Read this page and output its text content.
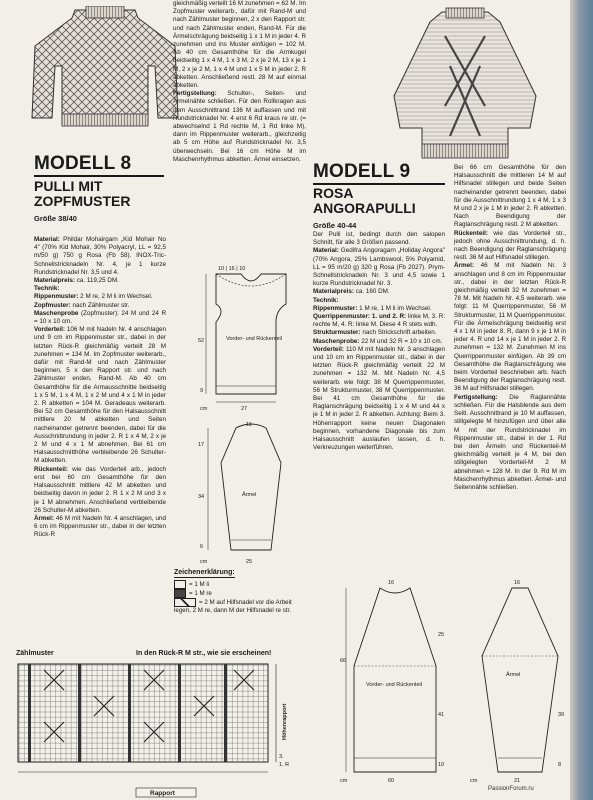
MODELL 8
PULLI MIT
ZOPFMUSTER
Größe 38/40

Material: Phildar Mohairgarn „Kid Mohair No 4" (70% Kid Mohair, 30% Polyacryl, LL = 92,5 m/50 g) 750 g Rosa (Fb 58). INOX-Tric-Schnellstricknadeln Nr. 4, je 1 kurze Rundstricknadel Nr. 3,5 und 4.

Materialpreis: ca. 119,25 DM.

Technik:

Rippenmuster: 2 M re, 2 M li im Wechsel.

Zopfmuster: nach Zählmuster str.

Maschenprobe (Zopfmuster): 24 M und 24 R = 10 x 10 cm.

Vorderteil: 106 M mit Nadeln Nr. 4 anschlagen und 9 cm im Rippenmuster str., dabei in der letzten Rück-R gleichmäßig verteilt 28 M zunehmen = 134 M. Im Zopfmuster weiterarb., dafür mit Rand-M und nach Zählmuster beginnen, 5 x den Rapport str. und nach Zählmuster enden, Rand-M. Ab 40 cm Gesamthöhe für die Armausschnitte beidseitig 1 x 5 M, 1 x 4 M, 1 x 2 M und 4 x 1 M in jeder 2. R abketten = 104 M. Geradeaus weiterarb. Bei 52 cm Gesamthöhe für den Halsausschnitt mittlere 20 M abketten und Seiten nacheinander getrennt beenden, dabei für die Ausschnittrundung in jeder 2. R 1 x 4 M, 2 x je 2 M und 4 x 1 M abnehmen. Bei 61 cm Halsausschnitthöhe verbleibende 26 Schulter-M abketten.

Rückenteil: wie das Vorderteil arb., jedoch erst bei 60 cm Gesamthöhe für den Halsausschnitt mittlere 42 M abketten und beidseitig davon in jeder 2. R 1 x 2 M und 3 x je 1 M abnehmen. Anschließend verbleibende 26 Schulter-M abketten.

Ärmel: 46 M mit Nadeln Nr. 4 anschlagen, und 6 cm im Rippenmuster str., dabei in der letzten Rück-R

gleichmäßig verteilt 16 M zunehmen = 62 M. Im Zopfmuster weiterarb., dafür mit Rand-M und nach Zählmuster beginnen, 2 x den Rapport str. und nach Zählmuster enden, Rand-M. Für die Ärmelschrägung beidseitig 1 x 1 M in jeder 4. R zunehmen und ins Muster einfügen = 102 M. Ab 40 cm Gesamthöhe für die Armkugel beidseitig 1 x 4 M, 1 x 3 M, 2 x je 2 M, 13 x je 1 M, 2 x je 2 M, 1 x 4 M und 1 x 5 M in jeder 2. R abketten. Anschließend restl. 28 M auf einmal abketten.

Fertigstellung: Schulter-, Seiten- und Ärmelnähte schließen. Für den Rollkragen aus dem Ausschnittrand 136 M auffassen und mit Rundstricknadel Nr. 4 erst 6 Rd kraus re str. (= abwechselnd 1 Rd rechte M, 1 Rd linke M), dann im Rippenmuster weiterarb., gleichzeitig ab 5 cm Höhe auf Rundstricknadel Nr. 3,5 überwechseln. Bei 16 cm Höhe M im Maschenrhythmus abketten. Ärmel einsetzen.

10 | 16 | 10
52
9
27
cm
Vorder- und Rückenteil
11
17
34
6
25
cm
Ärmel
Zeichenerklärung:
= 1 M li
= 1 M re
= 2 M auf Hilfsnadel vor die Arbeit legen, 2 M re, dann M der Hilfsnadel re str.
Zählmuster	In den Rück-R M str., wie sie erscheinen!
Höhenrapport
3.
1. R
Rapport
MODELL 9
ROSA
ANGORAPULLI
Größe 40-44

Der Pulli ist, bedingt durch den salopen Schnitt, für alle 3 Größen passend.

Material: Gedifra Angoragarn „Holiday Angora" (70% Angora, 25% Lambswool, 5% Polyamid, LL = 95 m/20 g) 320 g Rosa (Fb 2027). Prym-Schnellstricknadeln Nr. 3 und 4,5 sowie 1 kurze Rundstricknadel Nr. 3.

Materialpreis: ca. 160 DM.

Technik:

Rippenmuster: 1 M re, 1 M li im Wechsel.

Querrippenmuster: 1. und 2. R: linke M, 3. R: rechte M, 4. R: linke M. Diese 4 R stets wdh.

Strukturmuster: nach Strickschrift arbeiten.

Maschenprobe: 22 M und 32 R = 10 x 10 cm.

Vorderteil: 110 M mit Nadeln Nr. 3 anschlagen und 10 cm im Rippenmuster str., dabei in der letzten Rück-R gleichmäßig verteilt 22 M zunehmen = 132 M. Mit Nadeln Nr. 4,5 weiterarb. wie folgt: 38 M Querrippenmuster, 56 M Strukturmuster, 38 M Querrippenmuster. Bei 41 cm Gesamthöhe für die Raglanschrägung beidseitig 1 x 4 M und 44 x je 1 M in jeder 2. R abketten. Achtung: Beim 3. Höhenrapport keine neuen Diagonalen beginnen, vorhandene Diagonale bis zum Halsausschnitt auslaufen lassen, d. h. Verkreuzungen weiterführen.

Bei 66 cm Gesamthöhe für den Halsausschnitt die mittleren 14 M auf Hilfsnadel stillegen und beide Seiten nacheinander getrennt beenden, dabei für die Ausschnittrundung 1 x 4 M, 1 x 3 M und 2 x je 1 M in jeder 2. R abketten. Nach Beendigung der Raglanschrägung restl. 2 M abketten.

Rückenteil: wie das Vorderteil str., jedoch ohne Ausschnittrundung, d. h. nach Beendigung der Raglanschrägung restl. 36 M auf Hilfsnadel stillegen.

Ärmel: 46 M mit Nadeln Nr. 3 anschlagen und 8 cm im Rippenmuster str., dabei in der letzten Rück-R gleichmäßig verteilt 32 M zunehmen = 78 M. Mit Nadeln Nr. 4,5 weiterarb. wie folgt: 11 M Querrippenmuster, 56 M Strukturmuster, 11 M Querrippenmuster. Für die Ärmelschrägung beidseitig erst 4 x 1 M in jeder 8. R, dann 9 x je 1 M in jeder 4. R und 14 x je 1 M in jeder 2. R zunehmen = 132 M. Zunehmen M ins Querrippenmuster einfügen. Ab 39 cm Gesamthöhe die Raglanschrägung wie beim Vorderteil beschrieben arb. Nach Beendigung der Raglanschrägung restl. 36 M auf Hilfsnadel stillegen.

Fertigstellung: Die Raglannähte schließen. Für die Halsblende aus dem Seitl. Ausschnittrand je 10 M auffassen, stillgelegte M hinzufügen und über alle M mit der Rundstricknadel im Rippenmuster str., dabei in der 1. Rd bei den Ärmeln und Rückenteil-M gleichmäßig verteilt je 4 M, bei den stillgelegten Vorderteil-M 2 M abnehmen = 128 M. In der 9. Rd M im Maschenrhythmus abketten. Ärmel- und Seitennähte schließen.

16
66
25
41
10
60
cm
Vorder- und Rückenteil
16
39
8
21
cm
Ärmel
PassionForum.ru
